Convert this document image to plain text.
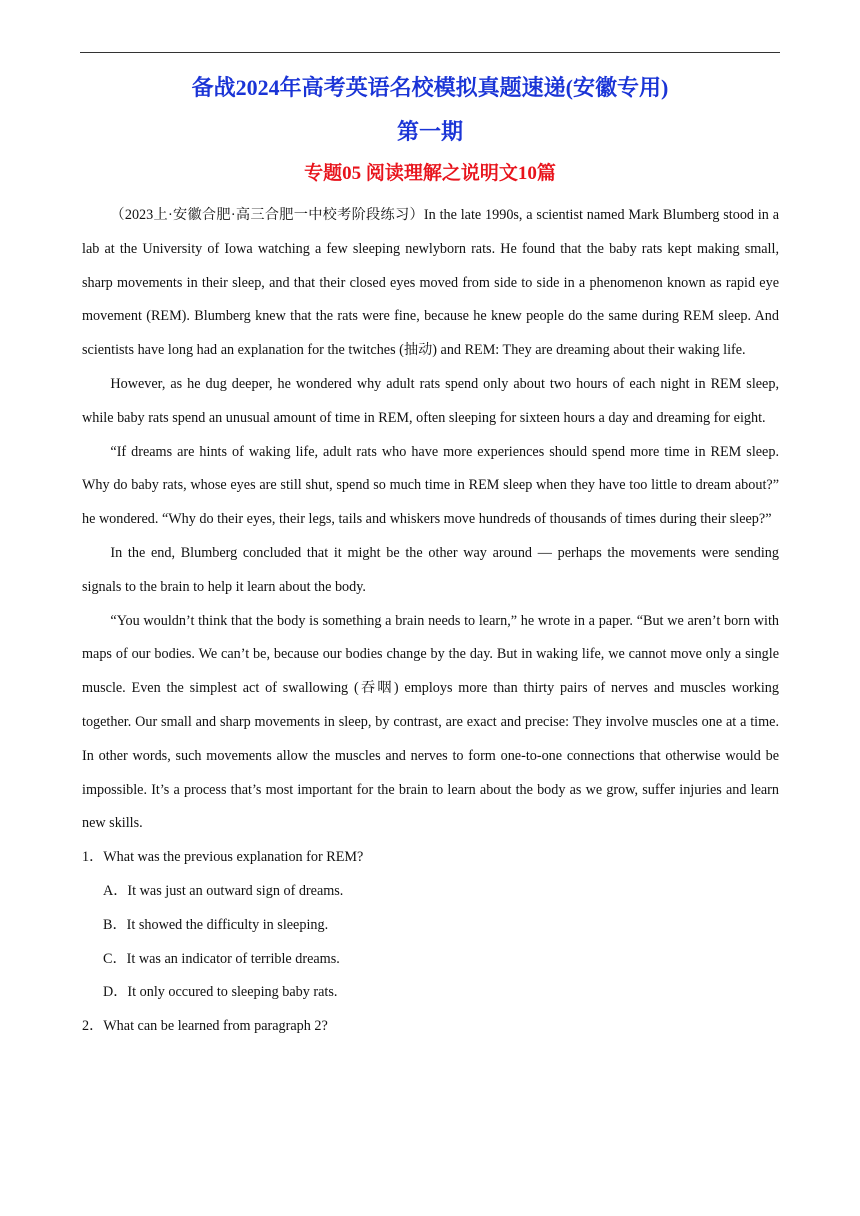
备战2024年高考英语名校模拟真题速递(安徽专用)
第一期
专题05 阅读理解之说明文10篇

（2023上·安徽合肥·高三合肥一中校考阶段练习）In the late 1990s, a scientist named Mark Blumberg stood in a lab at the University of Iowa watching a few sleeping newlyborn rats. He found that the baby rats kept making small, sharp movements in their sleep, and that their closed eyes moved from side to side in a phenomenon known as rapid eye movement (REM). Blumberg knew that the rats were fine, because he knew people do the same during REM sleep. And scientists have long had an explanation for the twitches (抽动) and REM: They are dreaming about their waking life.

However, as he dug deeper, he wondered why adult rats spend only about two hours of each night in REM sleep, while baby rats spend an unusual amount of time in REM, often sleeping for sixteen hours a day and dreaming for eight.

“If dreams are hints of waking life, adult rats who have more experiences should spend more time in REM sleep. Why do baby rats, whose eyes are still shut, spend so much time in REM sleep when they have too little to dream about?” he wondered. “Why do their eyes, their legs, tails and whiskers move hundreds of thousands of times during their sleep?”

In the end, Blumberg concluded that it might be the other way around — perhaps the movements were sending signals to the brain to help it learn about the body.

“You wouldn’t think that the body is something a brain needs to learn,” he wrote in a paper. “But we aren’t born with maps of our bodies. We can’t be, because our bodies change by the day. But in waking life, we cannot move only a single muscle. Even the simplest act of swallowing (吞咽) employs more than thirty pairs of nerves and muscles working together. Our small and sharp movements in sleep, by contrast, are exact and precise: They involve muscles one at a time. In other words, such movements allow the muscles and nerves to form one-to-one connections that otherwise would be impossible. It’s a process that’s most important for the brain to learn about the body as we grow, suffer injuries and learn new skills.

1．What was the previous explanation for REM?

A．It was just an outward sign of dreams.

B．It showed the difficulty in sleeping.

C．It was an indicator of terrible dreams.

D．It only occured to sleeping baby rats.

2．What can be learned from paragraph 2?
